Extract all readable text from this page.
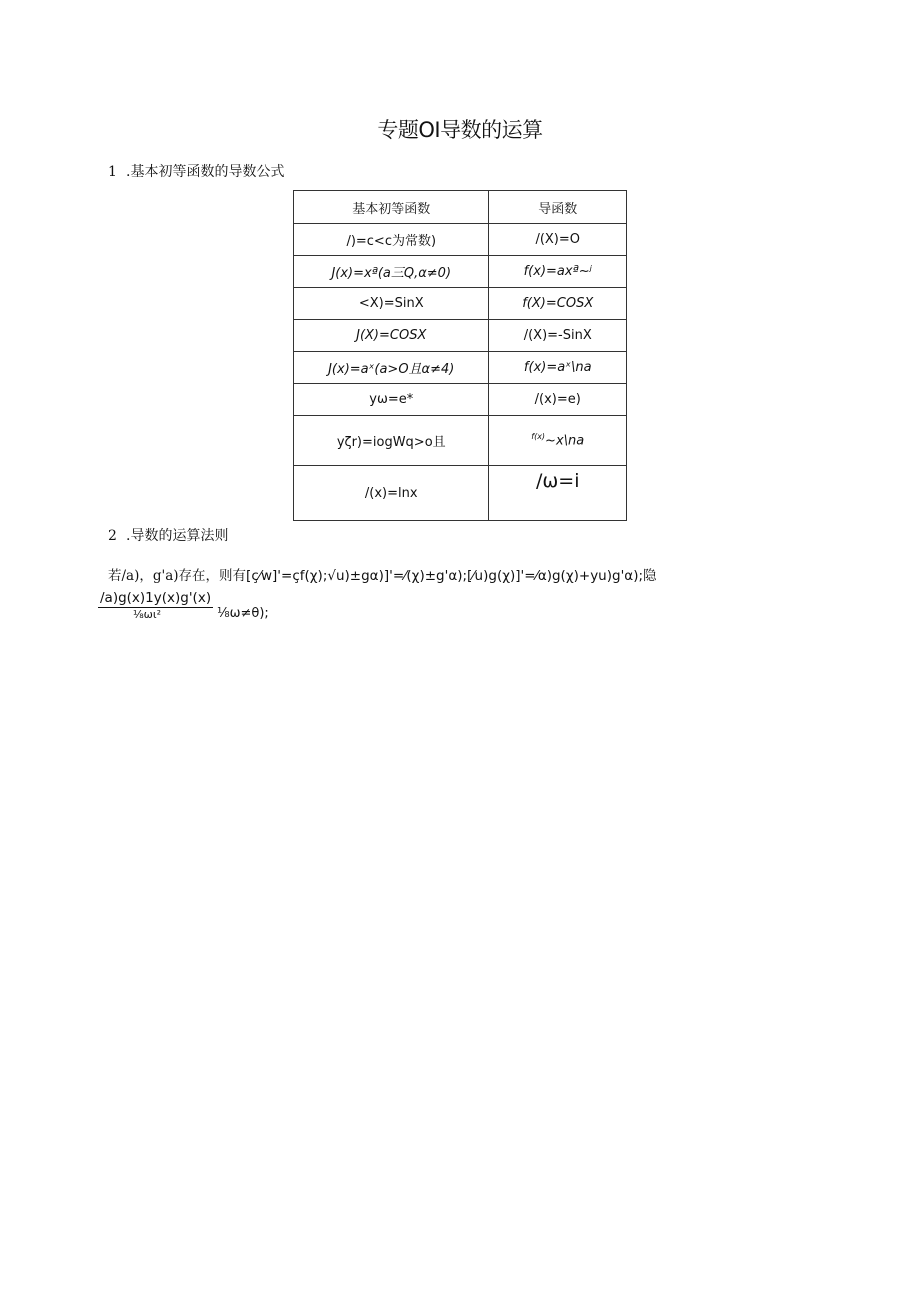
专题OI导数的运算
1 .基本初等函数的导数公式
基本初等函数	导函数
/)=c<c为常数)	/(X)=O
J(x)=xª(a三Q,α≠0)	f(x)=axª~ʲ
<X)=SinX	f(X)=COSX
J(X)=COSX	/(X)=-SinX
J(x)=aˣ(a>O且α≠4)	f(x)=aˣ\na
yω=e*	/(x)=e)
yζr)=iogWq>o且	$^{f(x)}$~x\na
/(x)=lnx	/ω=i
2 .导数的运算法则
若/a)，g'a)存在，则有[ç⁄w]'=çf(χ);√u)±gα)]'=⁄(χ)±g'α);[⁄u)g(χ)]'=⁄α)g(χ)+yu)g'α);隐
/a)g(x)1y(x)g'(x)
⅛ωι²	⅛ω≠θ);
